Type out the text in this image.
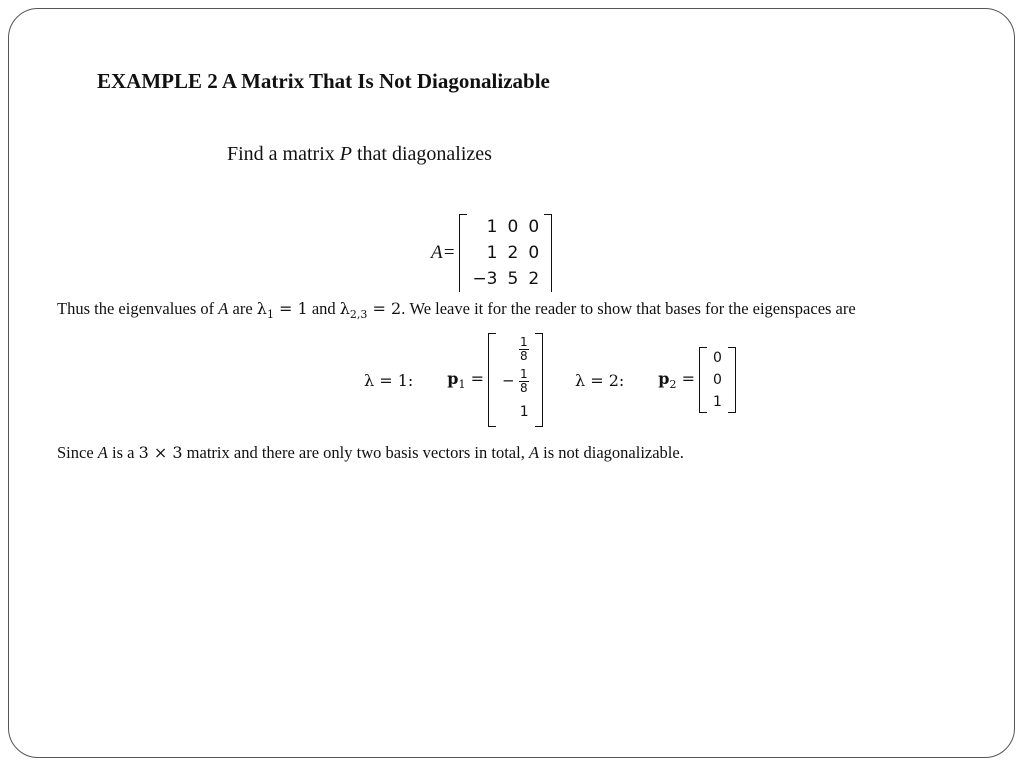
EXAMPLE 2 A Matrix That Is Not Diagonalizable
Find a matrix P that diagonalizes
A=
1	0	0
1	2	0
−3	5	2
Thus the eigenvalues of A are $\lambda_1 = 1$ and $\lambda_{2,3} = 2$. We leave it for the reader to show that bases for the eigenspaces are
λ = 1: $p_1$ =
$\frac{1}{8}$

− $\frac{1}{8}$

1
λ = 2: $p_2$ =
0
0
1
Since A is a 3 × 3 matrix and there are only two basis vectors in total, A is not diagonalizable.
